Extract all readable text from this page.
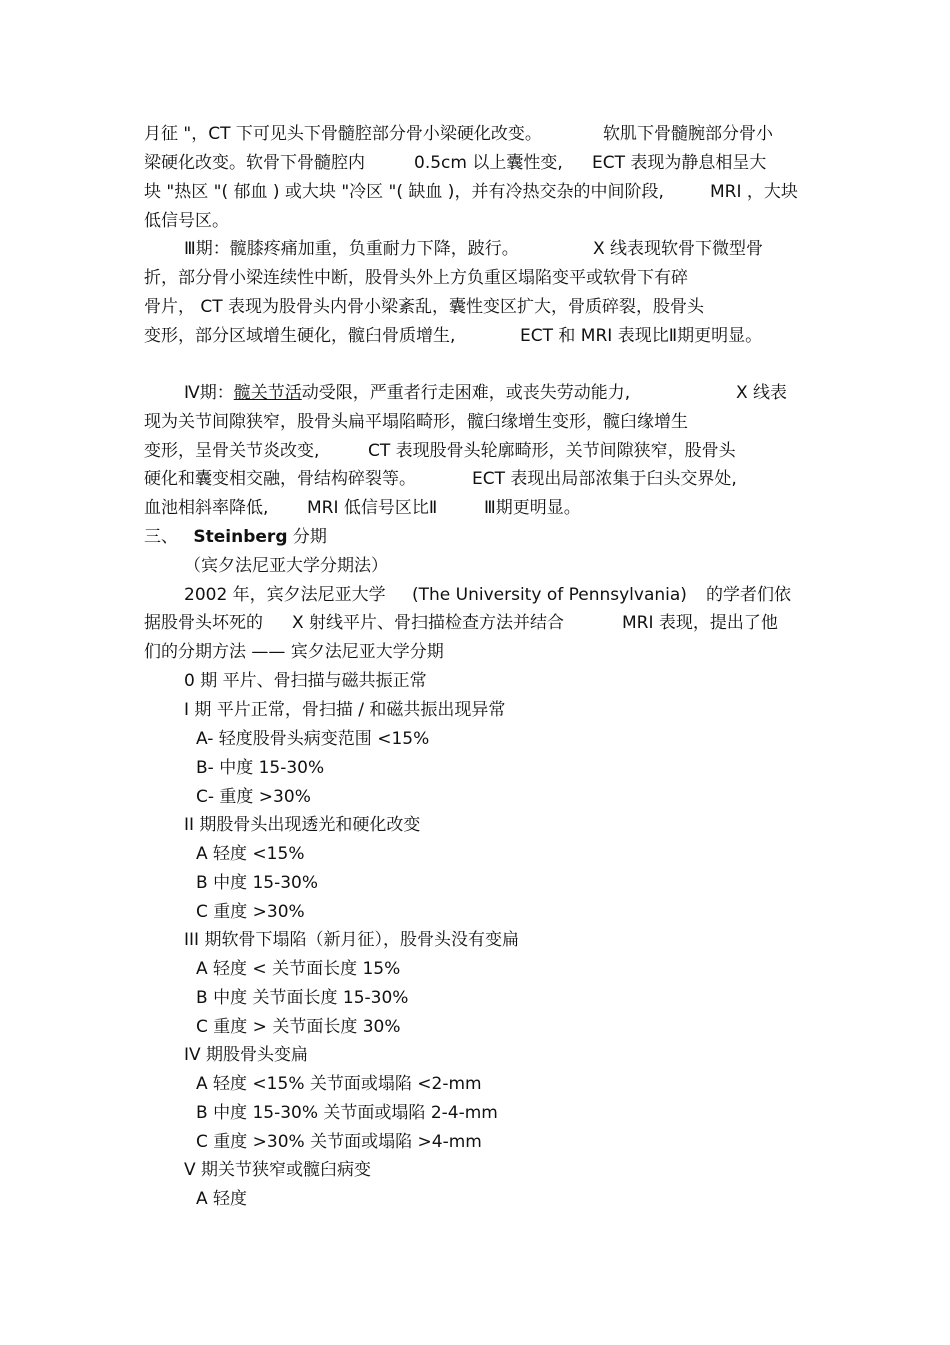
月征 "，CT 下可见头下骨髓腔部分骨小梁硬化改变。	软肌下骨髓腕部分骨小
梁硬化改变。软骨下骨髓腔内	0.5cm 以上囊性变, ECT 表现为静息相呈大
块 "热区 "( 郁血 ) 或大块 "冷区 "( 缺血 )，并有冷热交杂的中间阶段,	MRI ，大块
低信号区。
Ⅲ期：髋膝疼痛加重，负重耐力下降，跛行。	X 线表现软骨下微型骨
折，部分骨小梁连续性中断，股骨头外上方负重区塌陷变平或软骨下有碎
骨片， CT 表现为股骨头内骨小梁紊乱，囊性变区扩大，骨质碎裂，股骨头
变形，部分区域增生硬化，髋臼骨质增生,	ECT 和 MRI 表现比Ⅱ期更明显。
Ⅳ期：髋关节活动受限，严重者行走困难，或丧失劳动能力,	X 线表
现为关节间隙狭窄，股骨头扁平塌陷畸形，髋臼缘增生变形，髋臼缘增生
变形，呈骨关节炎改变,	CT 表现股骨头轮廓畸形，关节间隙狭窄，股骨头
硬化和囊变相交融，骨结构碎裂等。	ECT 表现出局部浓集于臼头交界处,
血池相斜率降低, MRI 低信号区比Ⅱ	Ⅲ期更明显。
三、 Steinberg 分期
（宾夕法尼亚大学分期法）
2002 年，宾夕法尼亚大学 (The University of Pennsylvania) 的学者们依
据股骨头坏死的 X 射线平片、骨扫描检查方法并结合	MRI 表现，提出了他
们的分期方法 —— 宾夕法尼亚大学分期
0 期 平片、骨扫描与磁共振正常
I 期 平片正常，骨扫描 / 和磁共振出现异常
A- 轻度股骨头病变范围 <15%
B- 中度 15-30%
C- 重度 >30%
II 期股骨头出现透光和硬化改变
A 轻度 <15%
B 中度 15-30%
C 重度 >30%
III 期软骨下塌陷（新月征），股骨头没有变扁
A 轻度 < 关节面长度 15%
B 中度 关节面长度 15-30%
C 重度 > 关节面长度 30%
IV 期股骨头变扁
A 轻度 <15% 关节面或塌陷 <2-mm
B 中度 15-30% 关节面或塌陷 2-4-mm
C 重度 >30% 关节面或塌陷 >4-mm
V 期关节狭窄或髋臼病变
A 轻度
